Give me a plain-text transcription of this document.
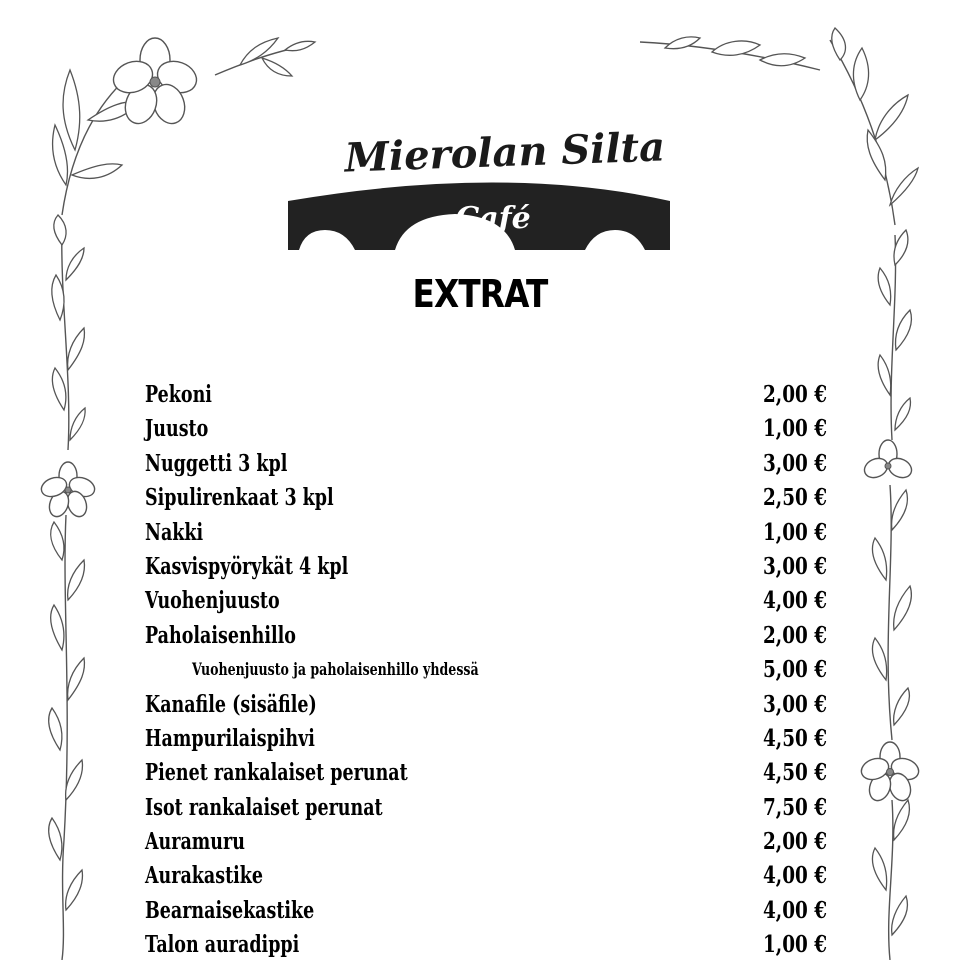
Mierolan Silta
Café
EXTRAT
Pekoni	2,00 €
Juusto	1,00 €
Nuggetti 3 kpl	3,00 €
Sipulirenkaat 3 kpl	2,50 €
Nakki	1,00 €
Kasvispyörykät 4 kpl	3,00 €
Vuohenjuusto	4,00 €
Paholaisenhillo	2,00 €
Vuohenjuusto ja paholaisenhillo yhdessä	5,00 €
Kanafile (sisäfile)	3,00 €
Hampurilaispihvi	4,50 €
Pienet rankalaiset perunat	4,50 €
Isot rankalaiset perunat	7,50 €
Auramuru	2,00 €
Aurakastike	4,00 €
Bearnaisekastike	4,00 €
Talon auradippi	1,00 €
